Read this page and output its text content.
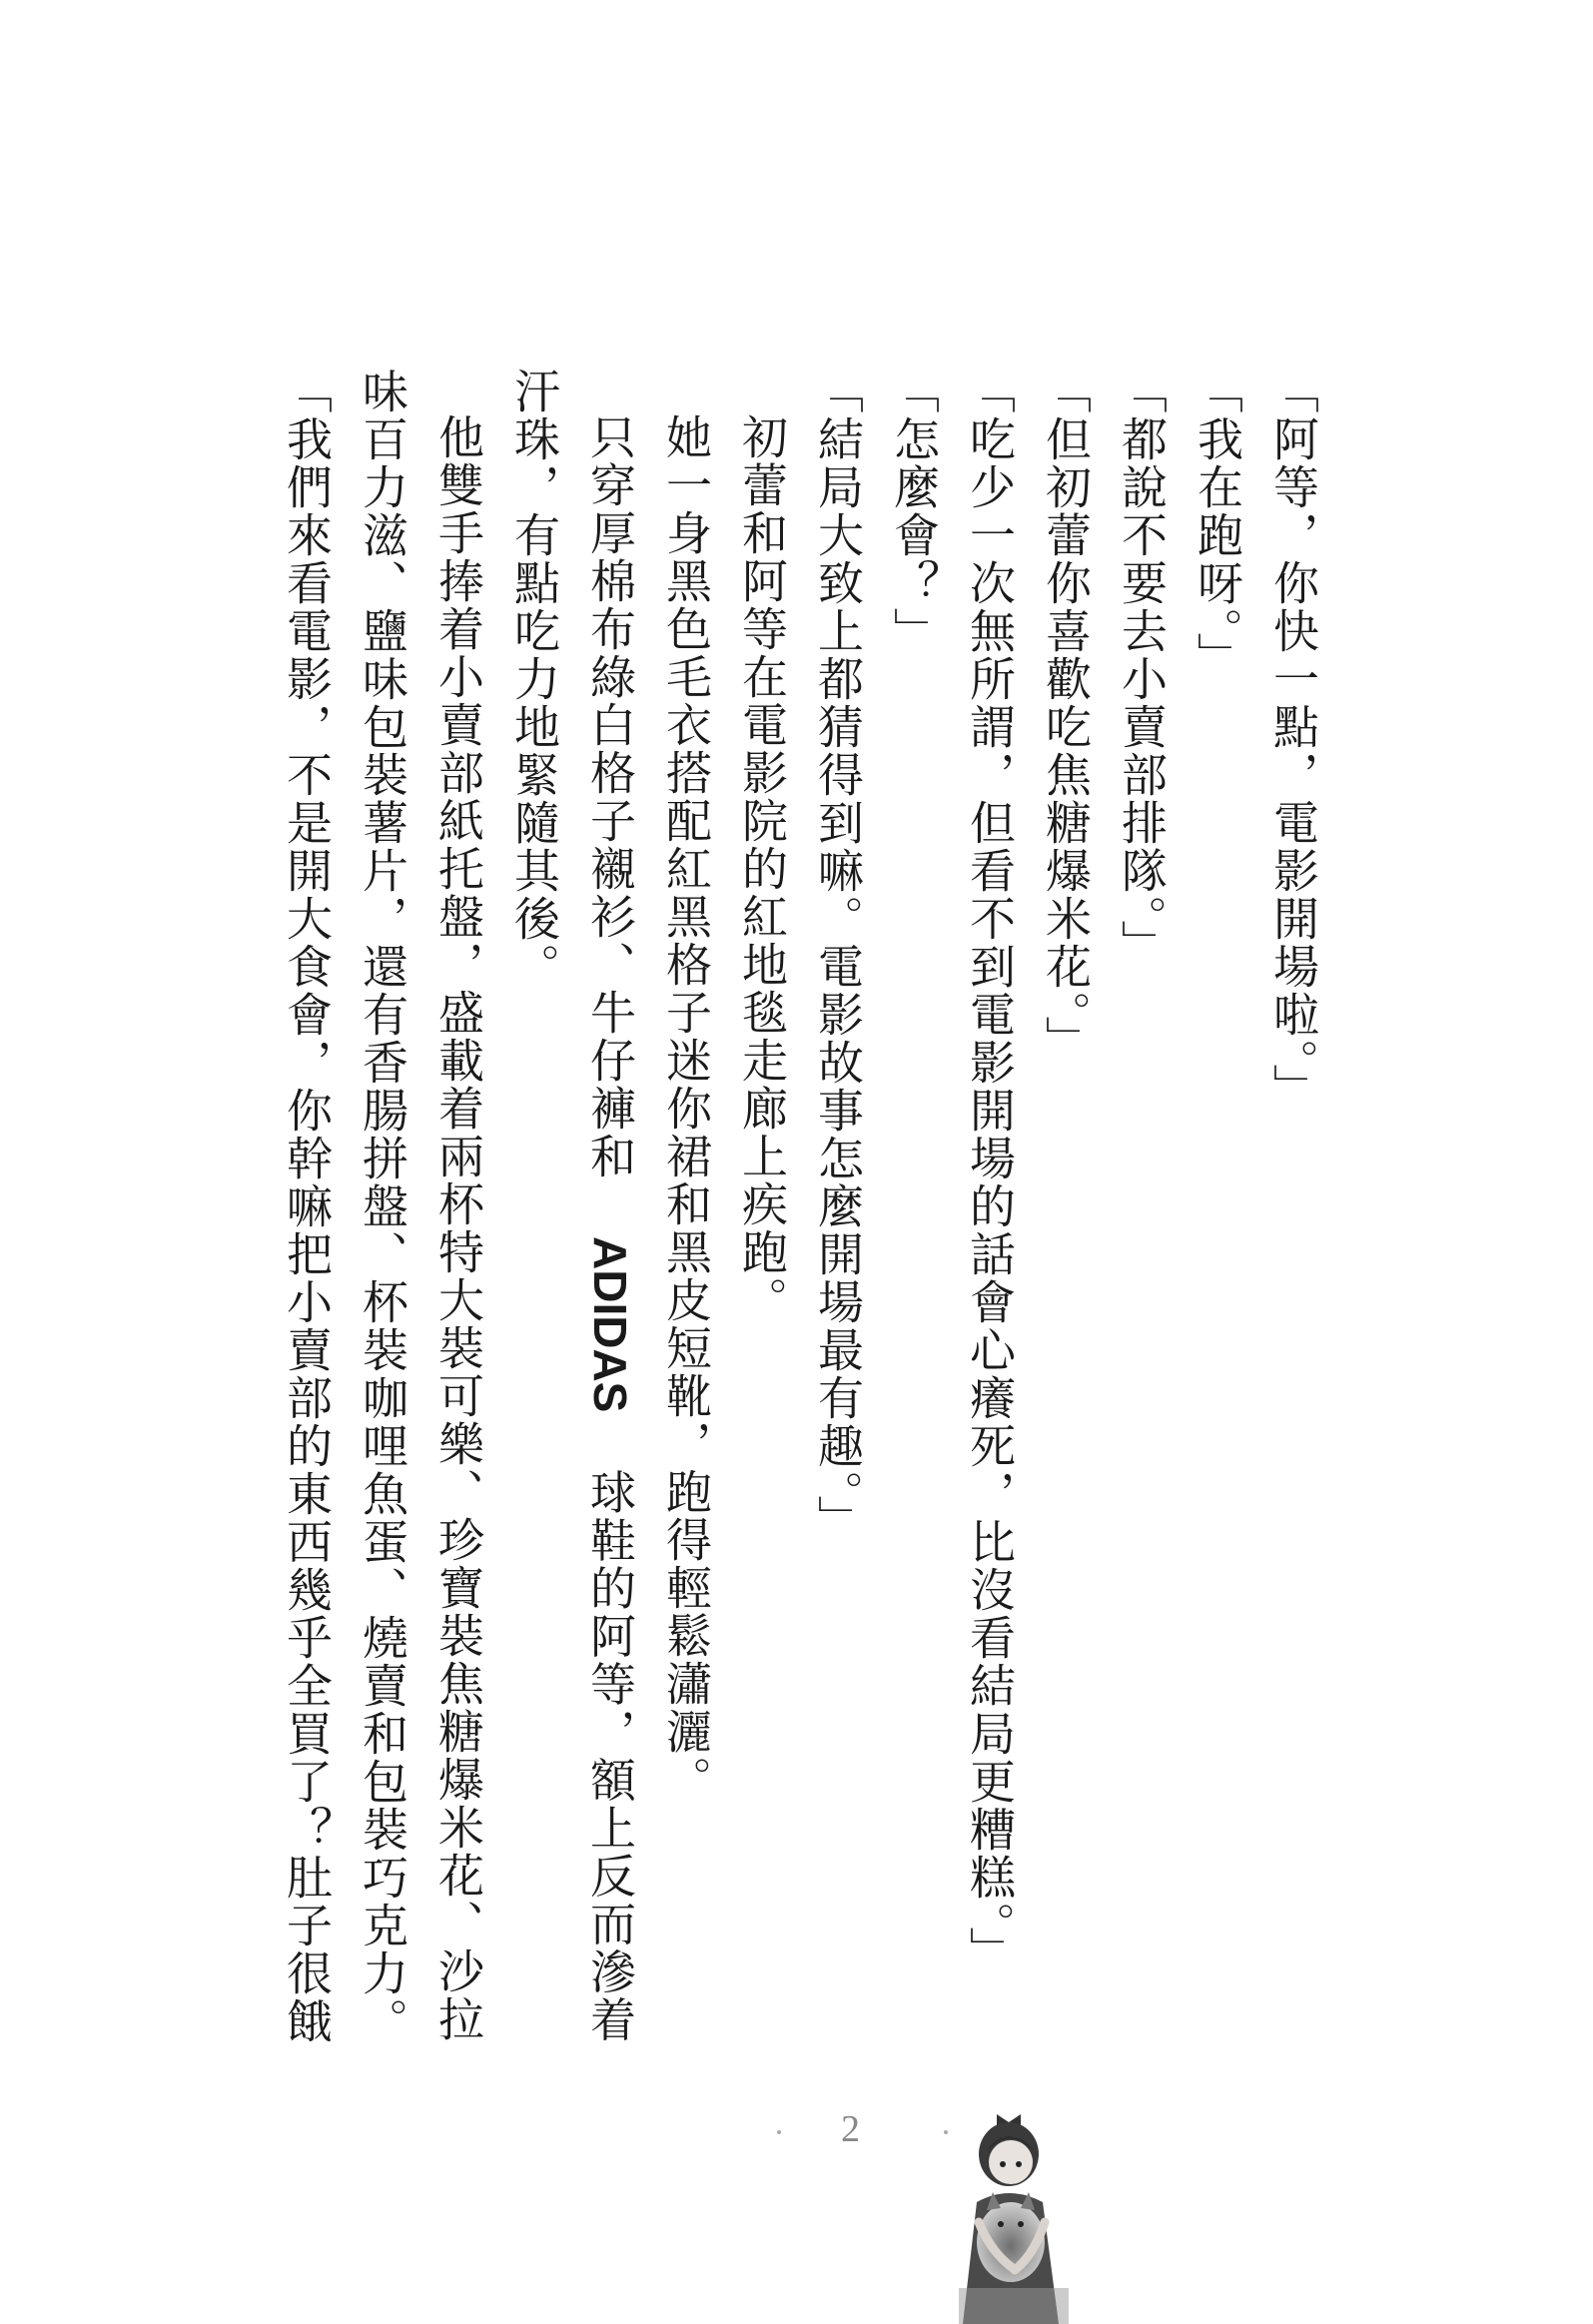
「阿等，你快一點，電影開場啦。」

「我在跑呀。」

「都說不要去小賣部排隊。」

「但初蕾你喜歡吃焦糖爆米花。」

「吃少一次無所謂，但看不到電影開場的話會心癢死，比沒看結局更糟糕。」

「怎麼會？」

「結局大致上都猜得到嘛。電影故事怎麼開場最有趣。」

初蕾和阿等在電影院的紅地毯走廊上疾跑。

她一身黑色毛衣搭配紅黑格子迷你裙和黑皮短靴，跑得輕鬆瀟灑。

只穿厚棉布綠白格子襯衫、牛仔褲和 ADIDAS 球鞋的阿等，額上反而滲着汗珠，有點吃力地緊隨其後。

他雙手捧着小賣部紙托盤，盛載着兩杯特大裝可樂、珍寶裝焦糖爆米花、沙拉味百力滋、鹽味包裝薯片，還有香腸拼盤、杯裝咖哩魚蛋、燒賣和包裝巧克力。

「我們來看電影，不是開大食會，你幹嘛把小賣部的東西幾乎全買了？肚子很餓

2
